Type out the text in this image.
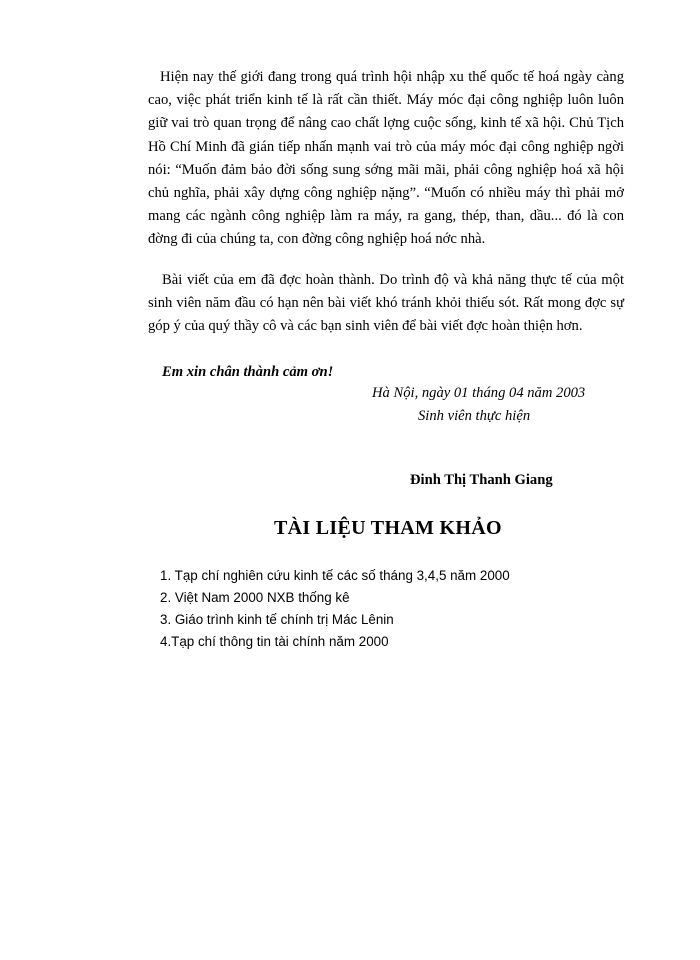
Hiện nay thế giới đang trong quá trình hội nhập xu thế quốc tế hoá ngày càng cao, việc phát triển kinh tế là rất cần thiết. Máy móc đại công nghiệp luôn luôn giữ vai trò quan trọng để nâng cao chất lợng cuộc sống, kinh tế xã hội. Chủ Tịch Hồ Chí Minh đã gián tiếp nhấn mạnh vai trò của máy móc đại công nghiệp ngời nói: “Muốn đảm bảo đời sống sung sớng mãi mãi, phải công nghiệp hoá xã hội chủ nghĩa, phải xây dựng công nghiệp nặng”. “Muốn có nhiều máy thì phải mở mang các ngành công nghiệp làm ra máy, ra gang, thép, than, dầu... đó là con đờng đi của chúng ta, con đờng công nghiệp hoá nớc nhà.

Bài viết của em đã đợc hoàn thành. Do trình độ và khả năng thực tế của một sinh viên năm đầu có hạn nên bài viết khó tránh khỏi thiếu sót. Rất mong đợc sự góp ý của quý thầy cô và các bạn sinh viên để bài viết đợc hoàn thiện hơn.

Em xin chân thành cảm ơn!

Hà Nội, ngày 01 tháng 04 năm 2003

Sinh viên thực hiện

Đinh Thị Thanh Giang

TÀI LIỆU THAM KHẢO
1. Tạp chí nghiên cứu kinh tế các số tháng 3,4,5 năm 2000
2. Việt Nam 2000 NXB thống kê
3. Giáo trình kinh tế chính trị Mác Lênin
4.Tạp chí thông tin tài chính năm 2000
